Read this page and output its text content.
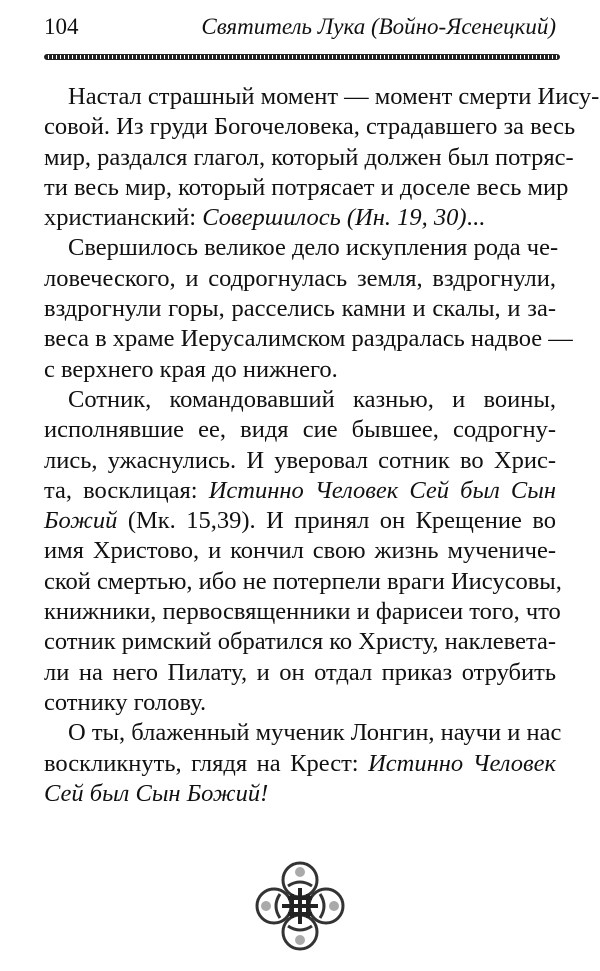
104	Святитель Лука (Войно-Ясенецкий)
Настал страшный момент — момент смерти Иису-
совой. Из груди Богочеловека, страдавшего за весь
мир, раздался глагол, который должен был потряс-
ти весь мир, который потрясает и доселе весь мир
христианский: Совершилось (Ин. 19, 30)...
Свершилось великое дело искупления рода че-
ловеческого, и содрогнулась земля, вздрогнули,
вздрогнули горы, расселись камни и скалы, и за-
веса в храме Иерусалимском раздралась надвое —
с верхнего края до нижнего.
Сотник, командовавший казнью, и воины,
исполнявшие ее, видя сие бывшее, содрогну-
лись, ужаснулись. И уверовал сотник во Хрис-
та, восклицая: Истинно Человек Сей был Сын
Божий (Мк. 15,39). И принял он Крещение во
имя Христово, и кончил свою жизнь мучениче-
ской смертью, ибо не потерпели враги Иисусовы,
книжники, первосвященники и фарисеи того, что
сотник римский обратился ко Христу, наклевета-
ли на него Пилату, и он отдал приказ отрубить
сотнику голову.
О ты, блаженный мученик Лонгин, научи и нас
воскликнуть, глядя на Крест: Истинно Человек
Сей был Сын Божий!
